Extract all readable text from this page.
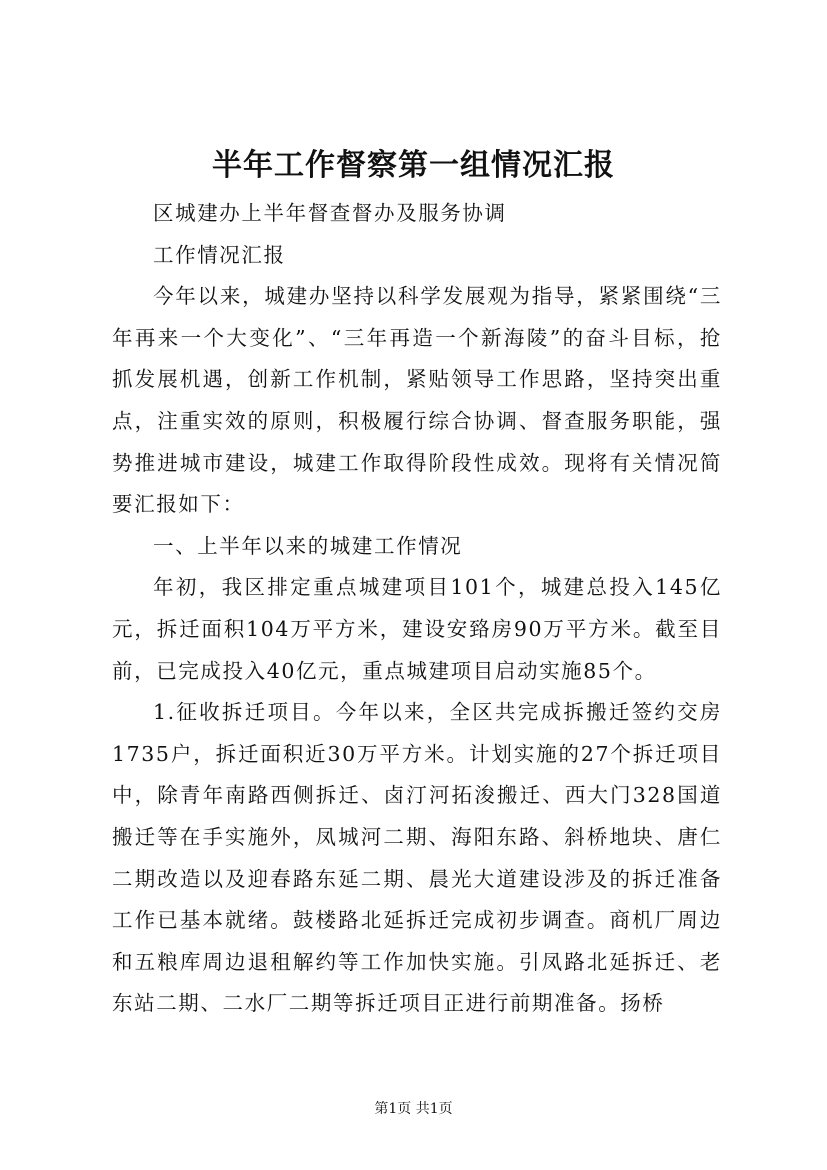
半年工作督察第一组情况汇报

区城建办上半年督查督办及服务协调

工作情况汇报

今年以来，城建办坚持以科学发展观为指导，紧紧围绕“三年再来一个大变化”、“三年再造一个新海陵”的奋斗目标，抢抓发展机遇，创新工作机制，紧贴领导工作思路，坚持突出重点，注重实效的原则，积极履行综合协调、督查服务职能，强势推进城市建设，城建工作取得阶段性成效。现将有关情况简要汇报如下：

一、上半年以来的城建工作情况

年初，我区排定重点城建项目101个，城建总投入145亿元，拆迁面积104万平方米，建设安臵房90万平方米。截至目前，已完成投入40亿元，重点城建项目启动实施85个。

1.征收拆迁项目。今年以来，全区共完成拆搬迁签约交房1735户，拆迁面积近30万平方米。计划实施的27个拆迁项目中，除青年南路西侧拆迁、卤汀河拓浚搬迁、西大门328国道搬迁等在手实施外，凤城河二期、海阳东路、斜桥地块、唐仁二期改造以及迎春路东延二期、晨光大道建设涉及的拆迁准备工作已基本就绪。鼓楼路北延拆迁完成初步调查。商机厂周边和五粮库周边退租解约等工作加快实施。引凤路北延拆迁、老东站二期、二水厂二期等拆迁项目正进行前期准备。扬桥

第1页 共1页
